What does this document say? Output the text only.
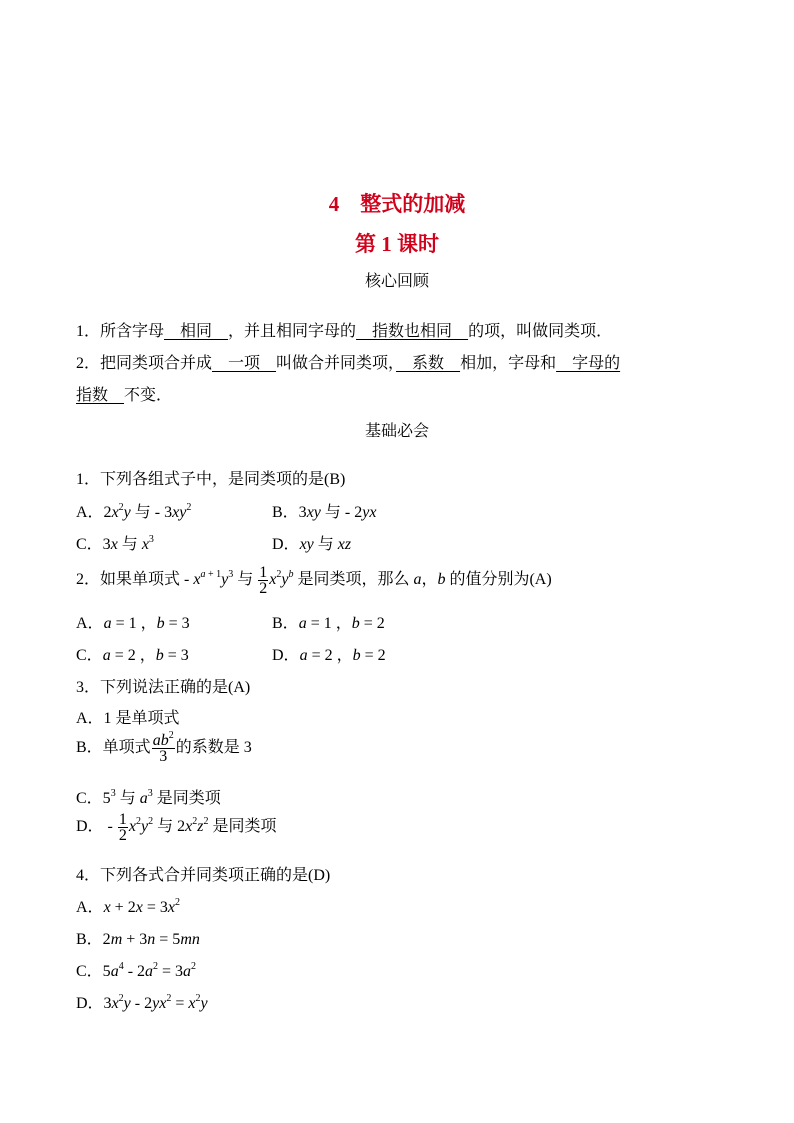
4 整式的加减
第 1 课时
核心回顾
1．所含字母　相同　，并且相同字母的　指数也相同　的项，叫做同类项．
2．把同类项合并成　一项　叫做合并同类项，　系数　相加，字母和　字母的
指数　不变．
基础必会
1．下列各组式子中，是同类项的是(B)
A．$2x^2y$ 与 - $3xy^2$	B．3xy 与 - 2yx
C．3x 与 $x^3$	D．xy 与 xz
2．如果单项式 - $x^{a + 1}y^3$ 与 $\frac{1}{2} x^2y^b$ 是同类项，那么 a，b 的值分别为(A)
A．a = 1 ，b = 3	B．a = 1 ，b = 2
C．a = 2 ，b = 3	D．a = 2 ，b = 2
3．下列说法正确的是(A)
A．1 是单项式
B．单项式 $\frac{ab^2}{3}$ 的系数是 3
C．$5^3$ 与 $a^3$ 是同类项
D． - $\frac{1}{2} x^2y^2$ 与 $2x^2z^2$ 是同类项
4．下列各式合并同类项正确的是(D)
A．$x + 2x = 3x^2$
B．2m + 3n = 5mn
C．$5a^4 - 2a^2 = 3a^2$
D．$3x^2y - 2yx^2 = x^2y$
